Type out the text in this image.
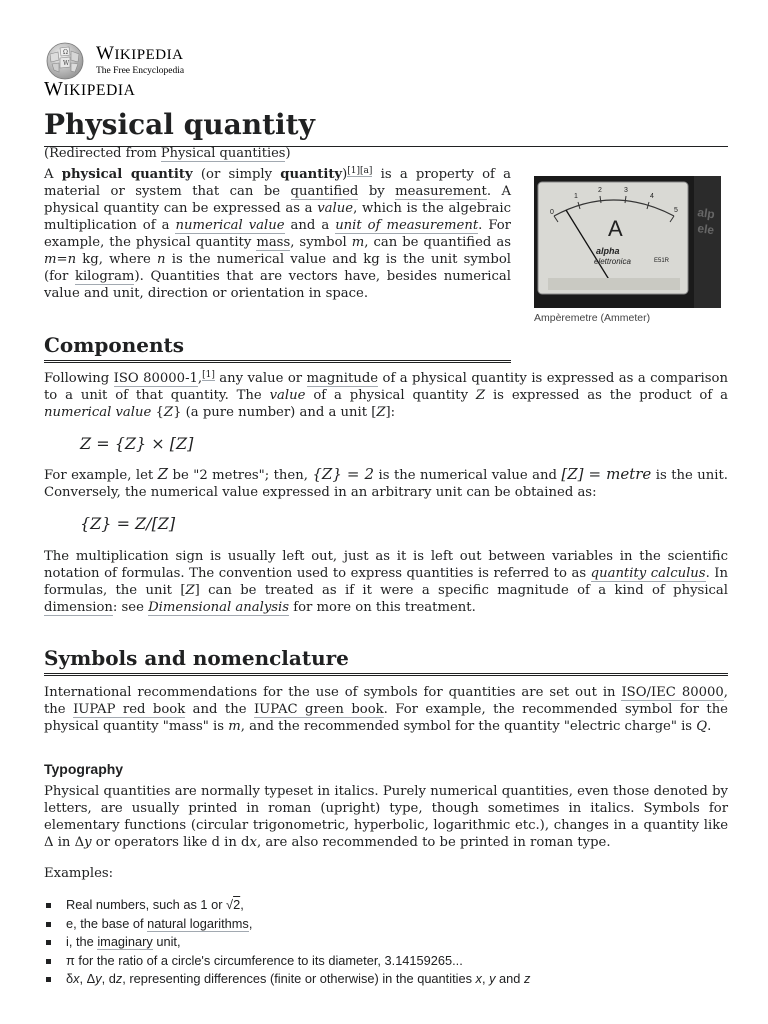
Ω
W WIKIPEDIA
The Free Encyclopedia
WIKIPEDIA
Physical quantity
(Redirected from Physical quantities)

A physical quantity (or simply quantity)[1][a] is a property of a material or system that can be quantified by measurement. A physical quantity can be expressed as a value, which is the algebraic multiplication of a numerical value and a unit of measurement. For example, the physical quantity mass, symbol m, can be quantified as m=n kg, where n is the numerical value and kg is the unit symbol (for kilogram). Quantities that are vectors have, besides numerical value and unit, direction or orientation in space.

0
1
2	3
4
5
A
alpha
elettronica	E51R
alp
ele
Ampèremetre (Ammeter)
Components

Following ISO 80000-1,[1] any value or magnitude of a physical quantity is expressed as a comparison to a unit of that quantity. The value of a physical quantity Z is expressed as the product of a numerical value {Z} (a pure number) and a unit [Z]:

Z = {Z} × [Z]

For example, let Z be "2 metres"; then, {Z} = 2 is the numerical value and [Z] = metre is the unit. Conversely, the numerical value expressed in an arbitrary unit can be obtained as:

{Z} = Z/[Z]

The multiplication sign is usually left out, just as it is left out between variables in the scientific notation of formulas. The convention used to express quantities is referred to as quantity calculus. In formulas, the unit [Z] can be treated as if it were a specific magnitude of a kind of physical dimension: see Dimensional analysis for more on this treatment.

Symbols and nomenclature

International recommendations for the use of symbols for quantities are set out in ISO/IEC 80000, the IUPAP red book and the IUPAC green book. For example, the recommended symbol for the physical quantity "mass" is m, and the recommended symbol for the quantity "electric charge" is Q.

Typography

Physical quantities are normally typeset in italics. Purely numerical quantities, even those denoted by letters, are usually printed in roman (upright) type, though sometimes in italics. Symbols for elementary functions (circular trigonometric, hyperbolic, logarithmic etc.), changes in a quantity like Δ in Δy or operators like d in dx, are also recommended to be printed in roman type.

Examples:

Real numbers, such as 1 or √2,
e, the base of natural logarithms,
i, the imaginary unit,
π for the ratio of a circle's circumference to its diameter, 3.14159265...
δx, Δy, dz, representing differences (finite or otherwise) in the quantities x, y and z
